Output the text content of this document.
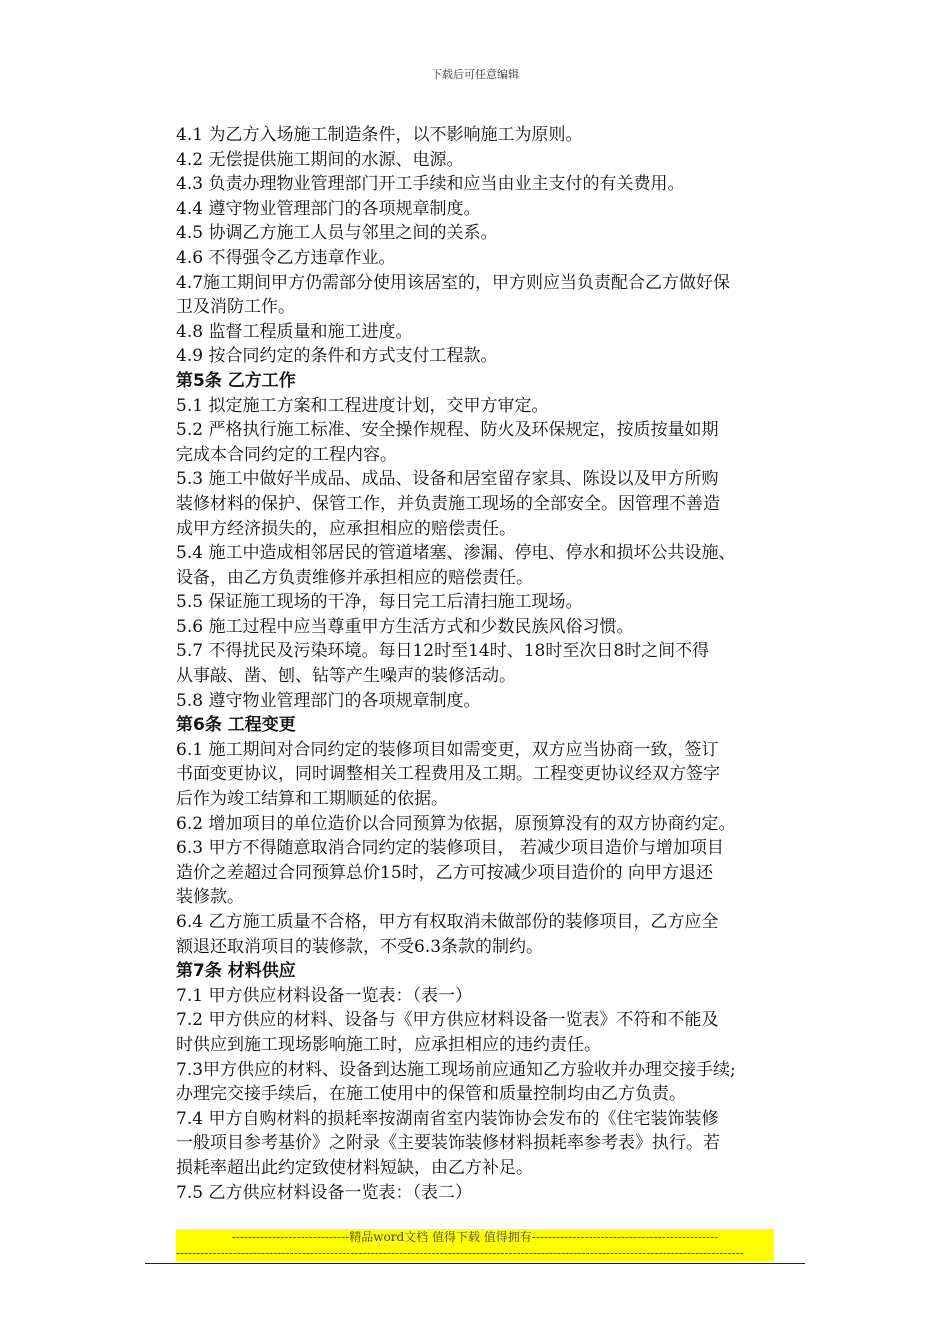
下载后可任意编辑
4.1 为乙方入场施工制造条件，以不影响施工为原则。
4.2 无偿提供施工期间的水源、电源。
4.3 负责办理物业管理部门开工手续和应当由业主支付的有关费用。
4.4 遵守物业管理部门的各项规章制度。
4.5 协调乙方施工人员与邻里之间的关系。
4.6 不得强令乙方违章作业。
4.7施工期间甲方仍需部分使用该居室的，甲方则应当负责配合乙方做好保
卫及消防工作。
4.8 监督工程质量和施工进度。
4.9 按合同约定的条件和方式支付工程款。
第5条 乙方工作
5.1 拟定施工方案和工程进度计划，交甲方审定。
5.2 严格执行施工标准、安全操作规程、防火及环保规定，按质按量如期
完成本合同约定的工程内容。
5.3 施工中做好半成品、成品、设备和居室留存家具、陈设以及甲方所购
装修材料的保护、保管工作，并负责施工现场的全部安全。因管理不善造
成甲方经济损失的，应承担相应的赔偿责任。
5.4 施工中造成相邻居民的管道堵塞、渗漏、停电、停水和损坏公共设施、
设备，由乙方负责维修并承担相应的赔偿责任。
5.5 保证施工现场的干净，每日完工后清扫施工现场。
5.6 施工过程中应当尊重甲方生活方式和少数民族风俗习惯。
5.7 不得扰民及污染环境。每日12时至14时、18时至次日8时之间不得
从事敲、凿、刨、钻等产生噪声的装修活动。
5.8 遵守物业管理部门的各项规章制度。
第6条 工程变更
6.1 施工期间对合同约定的装修项目如需变更，双方应当协商一致，签订
书面变更协议，同时调整相关工程费用及工期。工程变更协议经双方签字
后作为竣工结算和工期顺延的依据。
6.2 增加项目的单位造价以合同预算为依据，原预算没有的双方协商约定。
6.3 甲方不得随意取消合同约定的装修项目， 若减少项目造价与增加项目
造价之差超过合同预算总价15时，乙方可按减少项目造价的 向甲方退还
装修款。
6.4 乙方施工质量不合格，甲方有权取消未做部份的装修项目，乙方应全
额退还取消项目的装修款，不受6.3条款的制约。
第7条 材料供应
7.1 甲方供应材料设备一览表：（表一）
7.2 甲方供应的材料、设备与《甲方供应材料设备一览表》不符和不能及
时供应到施工现场影响施工时，应承担相应的违约责任。
7.3甲方供应的材料、设备到达施工现场前应通知乙方验收并办理交接手续;
办理完交接手续后，在施工使用中的保管和质量控制均由乙方负责。
7.4 甲方自购材料的损耗率按湖南省室内装饰协会发布的《住宅装饰装修
一般项目参考基价》之附录《主要装饰装修材料损耗率参考表》执行。若
损耗率超出此约定致使材料短缺，由乙方补足。
7.5 乙方供应材料设备一览表：（表二）
-----------------------------精品word文档 值得下载 值得拥有----------------------------------------------
--------------------------------------------------------------------------------------------------------------------------------------------
